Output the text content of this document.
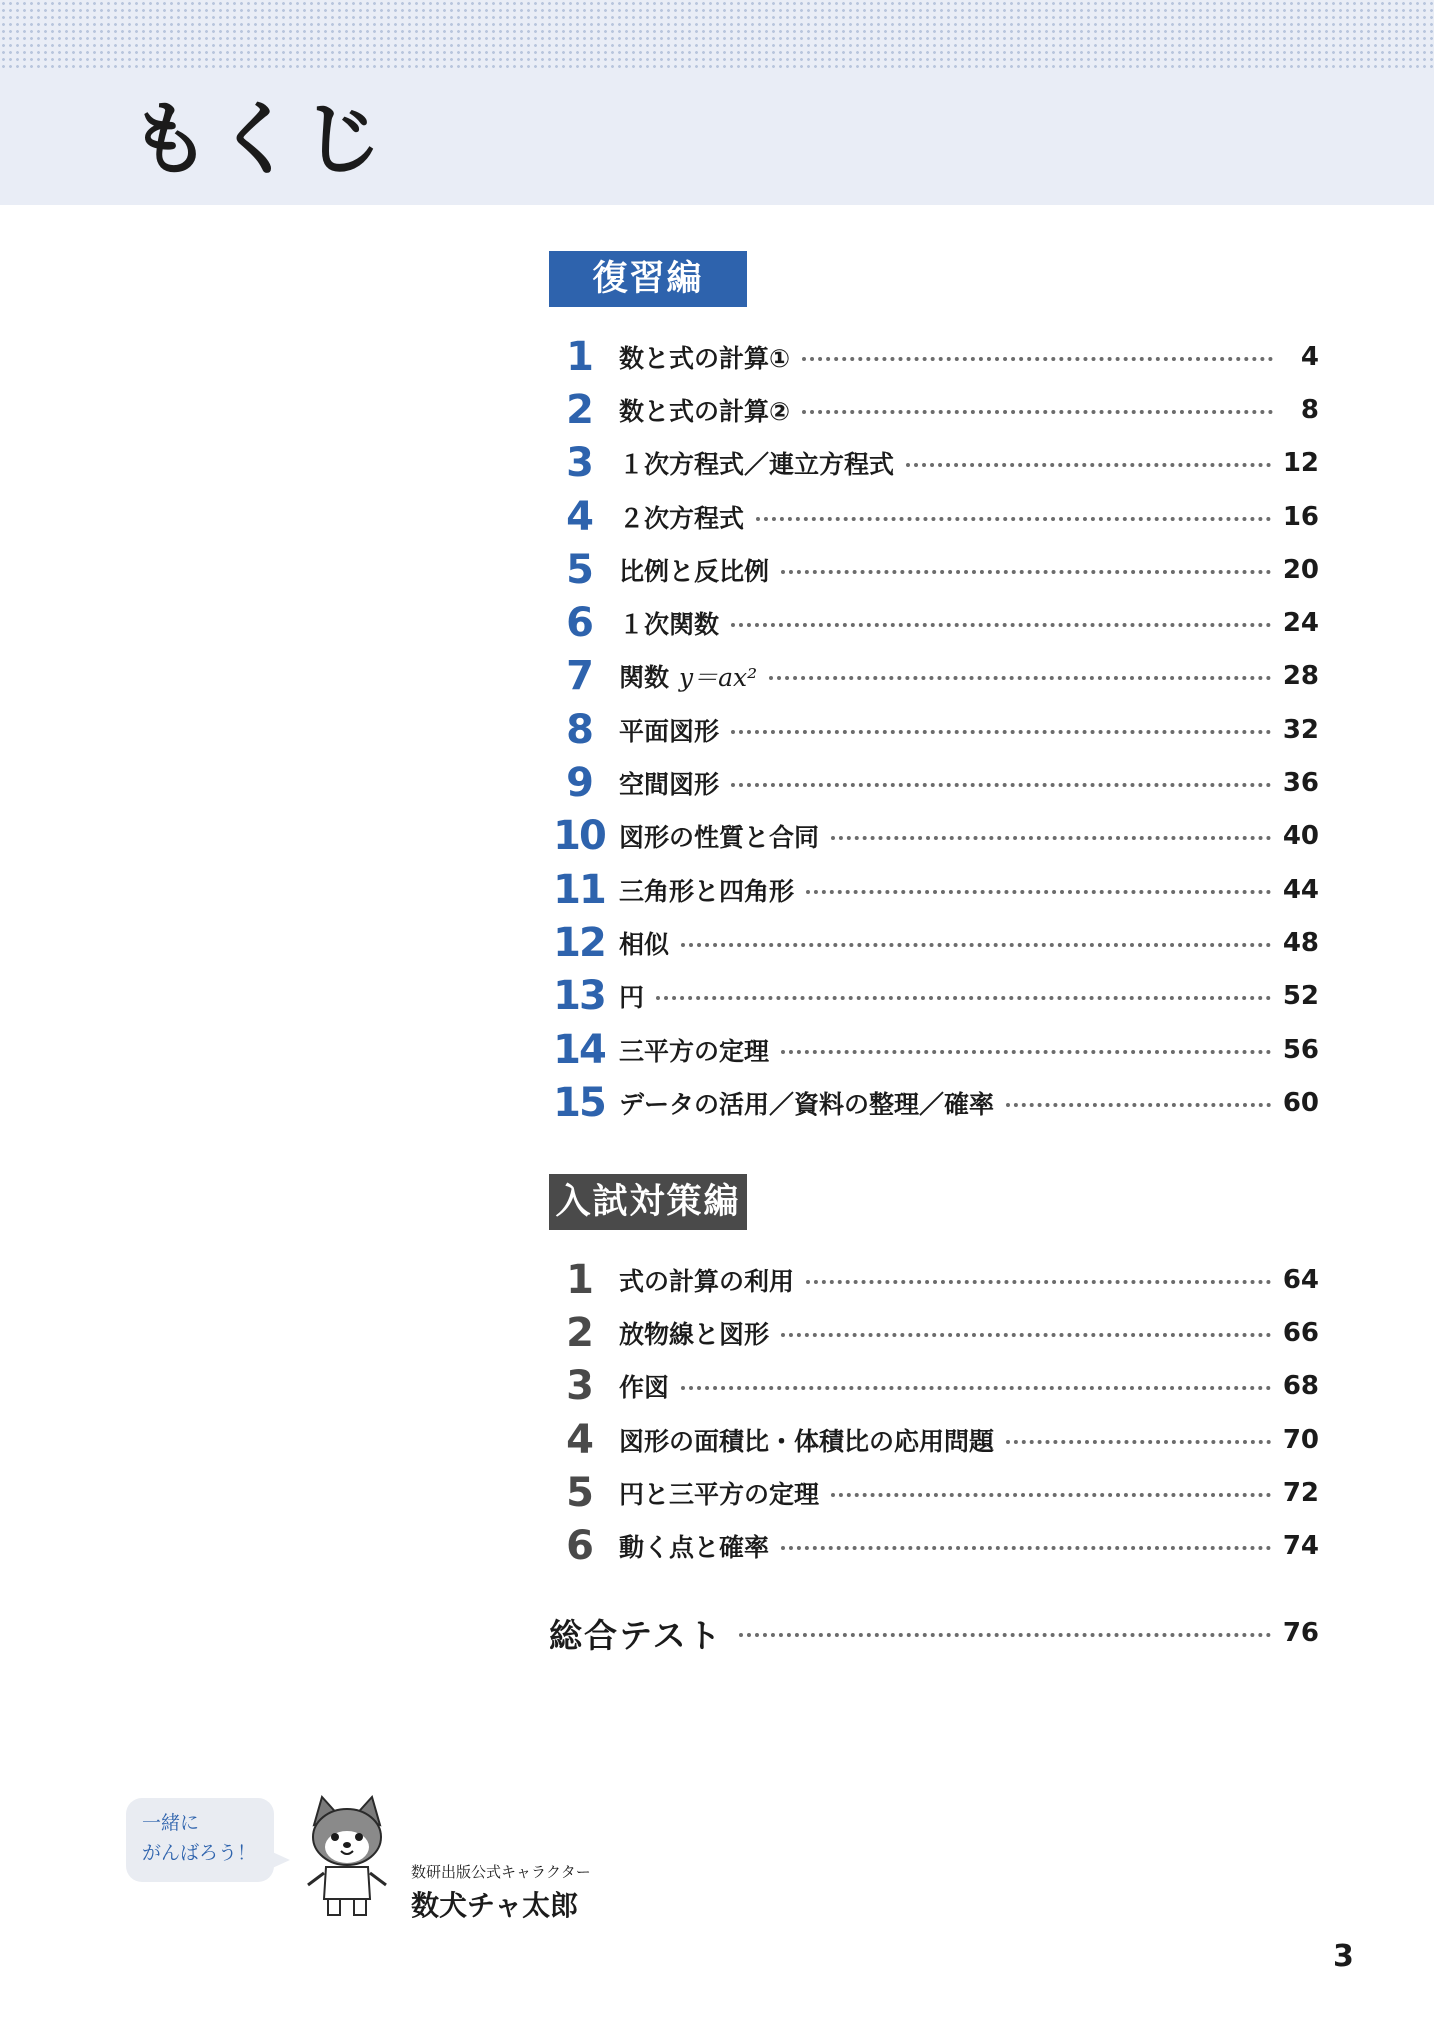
もくじ
復習編
1	数と式の計算①	4
2	数と式の計算②	8
3	１次方程式／連立方程式	12
4	２次方程式	16
5	比例と反比例	20
6	１次関数	24
7	関数 y＝ax²	28
8	平面図形	32
9	空間図形	36
10 図形の性質と合同	40
11 三角形と四角形	44
12 相似	48
13 円	52
14 三平方の定理	56
15 データの活用／資料の整理／確率	60
入試対策編
1	式の計算の利用	64
2	放物線と図形	66
3	作図	68
4	図形の面積比・体積比の応用問題	70
5	円と三平方の定理	72
6	動く点と確率	74
総合テスト	76
一緒に
がんばろう！
数研出版公式キャラクター
数犬チャ太郎
3
